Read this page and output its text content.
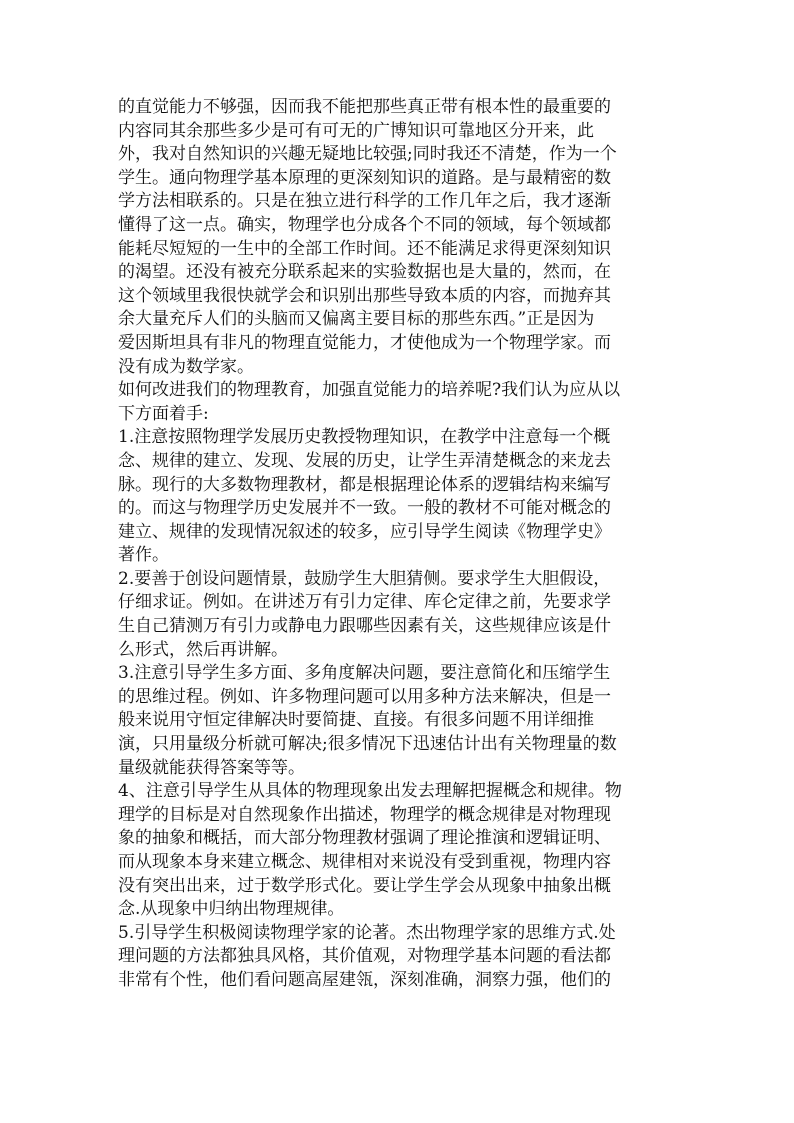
的直觉能力不够强，因而我不能把那些真正带有根本性的最重要的
内容同其余那些多少是可有可无的广博知识可靠地区分开来，此
外，我对自然知识的兴趣无疑地比较强;同时我还不清楚，作为一个
学生。通向物理学基本原理的更深刻知识的道路。是与最精密的数
学方法相联系的。只是在独立进行科学的工作几年之后，我才逐渐
懂得了这一点。确实，物理学也分成各个不同的领域，每个领域都
能耗尽短短的一生中的全部工作时间。还不能满足求得更深刻知识
的渴望。还没有被充分联系起来的实验数据也是大量的，然而，在
这个领域里我很快就学会和识别出那些导致本质的内容，而抛弃其
余大量充斥人们的头脑而又偏离主要目标的那些东西。”正是因为
爱因斯坦具有非凡的物理直觉能力，才使他成为一个物理学家。而
没有成为数学家。
如何改进我们的物理教育，加强直觉能力的培养呢?我们认为应从以
下方面着手:
1.注意按照物理学发展历史教授物理知识，在教学中注意每一个概
念、规律的建立、发现、发展的历史，让学生弄清楚概念的来龙去
脉。现行的大多数物理教材，都是根据理论体系的逻辑结构来编写
的。而这与物理学历史发展并不一致。一般的教材不可能对概念的
建立、规律的发现情况叙述的较多，应引导学生阅读《物理学史》
著作。
2.要善于创设问题情景，鼓励学生大胆猜侧。要求学生大胆假设，
仔细求证。例如。在讲述万有引力定律、库仑定律之前，先要求学
生自己猜测万有引力或静电力跟哪些因素有关，这些规律应该是什
么形式，然后再讲解。
3.注意引导学生多方面、多角度解决问题，要注意简化和压缩学生
的思维过程。例如、许多物理问题可以用多种方法来解决，但是一
般来说用守恒定律解决时要简捷、直接。有很多问题不用详细推
演，只用量级分析就可解决;很多情况下迅速估计出有关物理量的数
量级就能获得答案等等。
4、注意引导学生从具体的物理现象出发去理解把握概念和规律。物
理学的目标是对自然现象作出描述，物理学的概念规律是对物理现
象的抽象和概括，而大部分物理教材强调了理论推演和逻辑证明、
而从现象本身来建立概念、规律相对来说没有受到重视，物理内容
没有突出出来，过于数学形式化。要让学生学会从现象中抽象出概
念.从现象中归纳出物理规律。
5.引导学生积极阅读物理学家的论著。杰出物理学家的思维方式.处
理问题的方法都独具风格，其价值观，对物理学基本问题的看法都
非常有个性，他们看问题高屋建瓴，深刻准确，洞察力强，他们的
